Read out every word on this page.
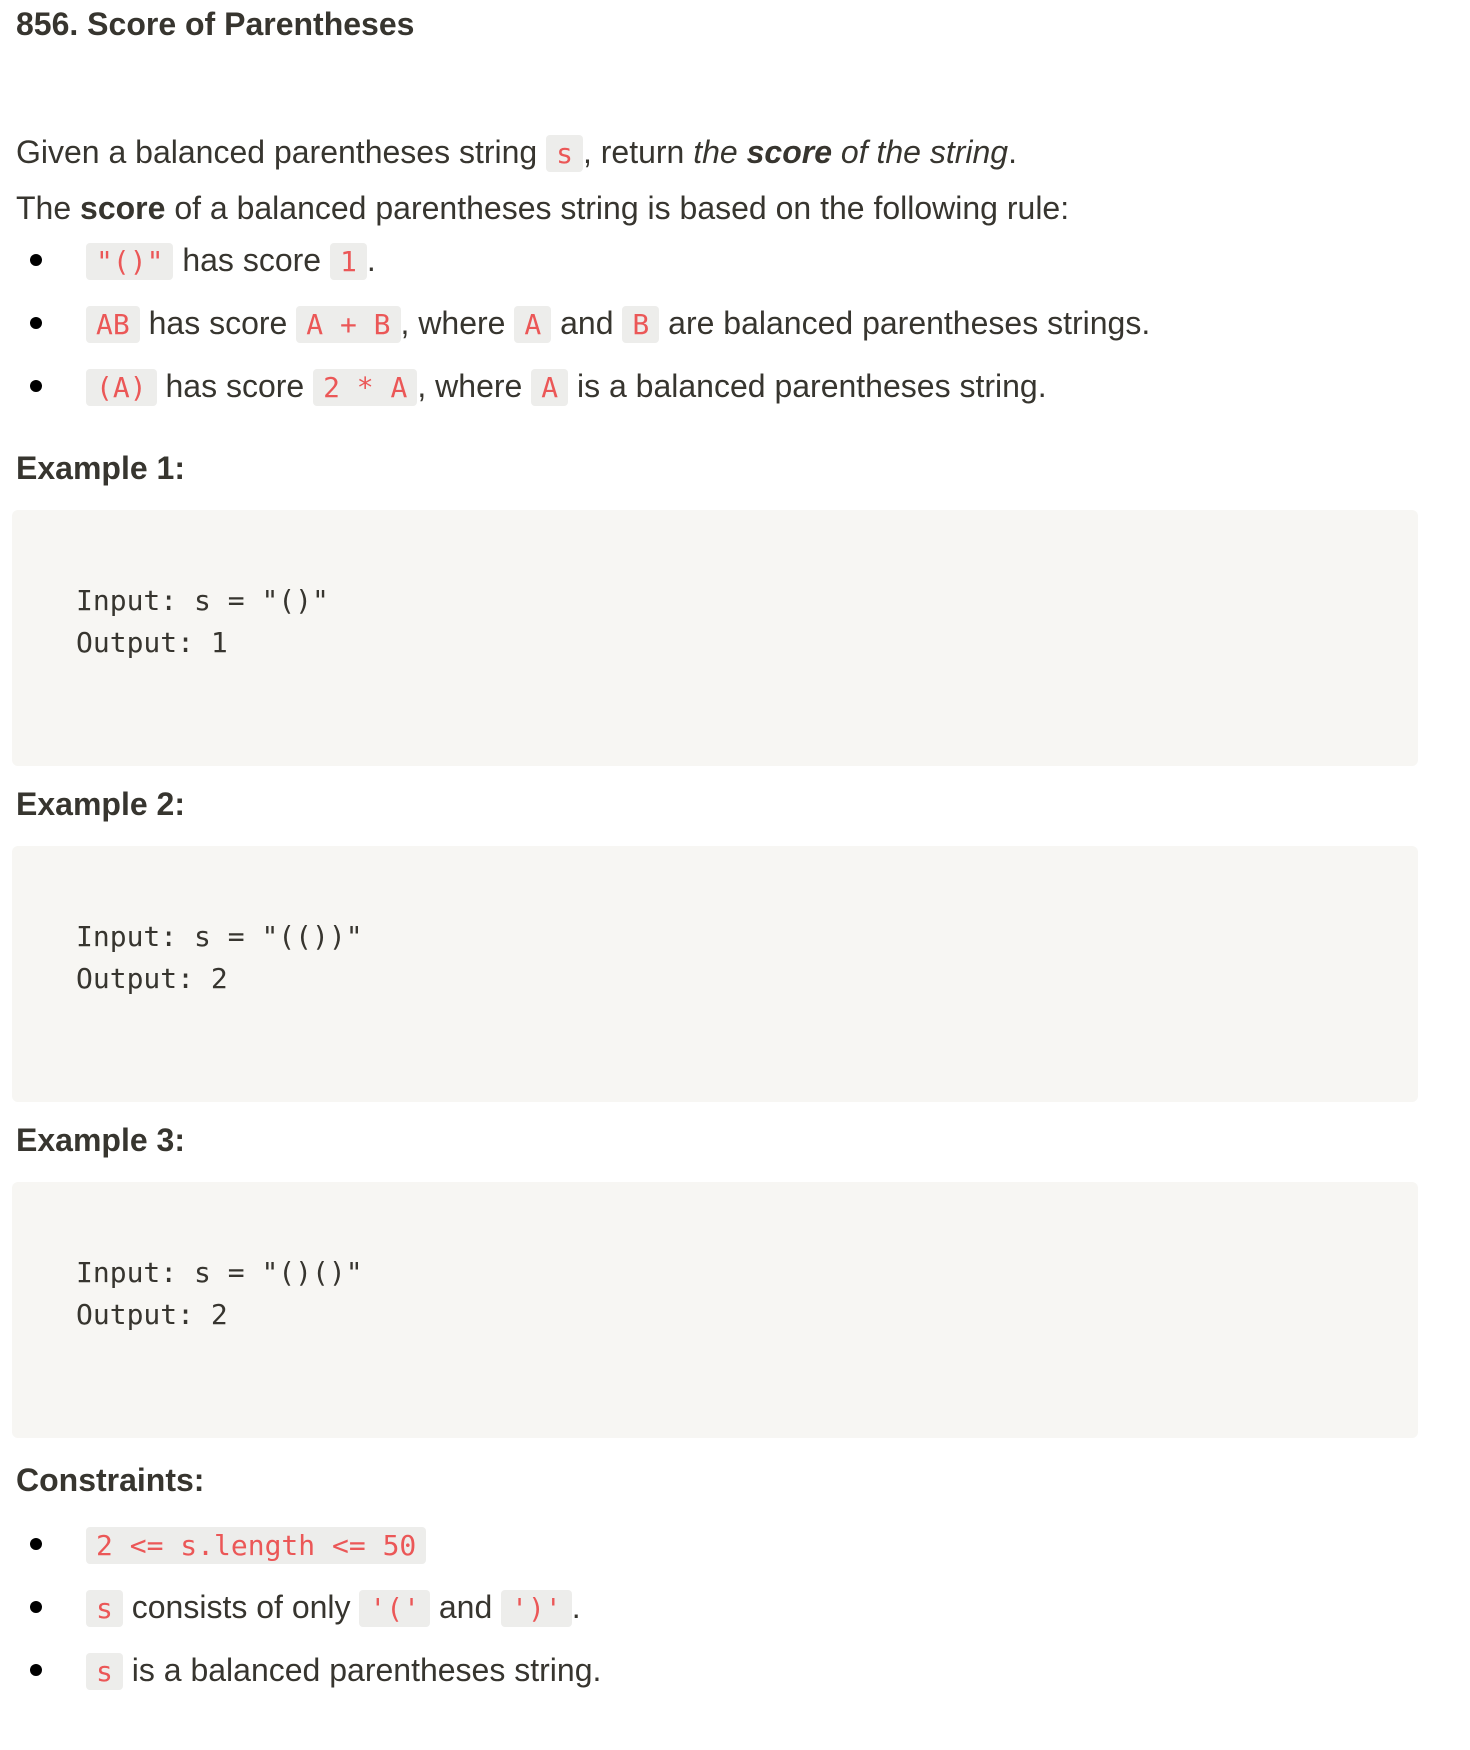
856. Score of Parentheses
Given a balanced parentheses string s , return the score of the string.
The score of a balanced parentheses string is based on the following rule:
"()" has score 1 .
AB has score A + B , where A and B are balanced parentheses strings.
(A) has score 2 * A , where A is a balanced parentheses string.
Example 1:
Input: s = "()"
Output: 1
Example 2:
Input: s = "(())"
Output: 2
Example 3:
Input: s = "()()"
Output: 2
Constraints:
2 <= s.length <= 50
s consists of only '(' and ')' .
s is a balanced parentheses string.
